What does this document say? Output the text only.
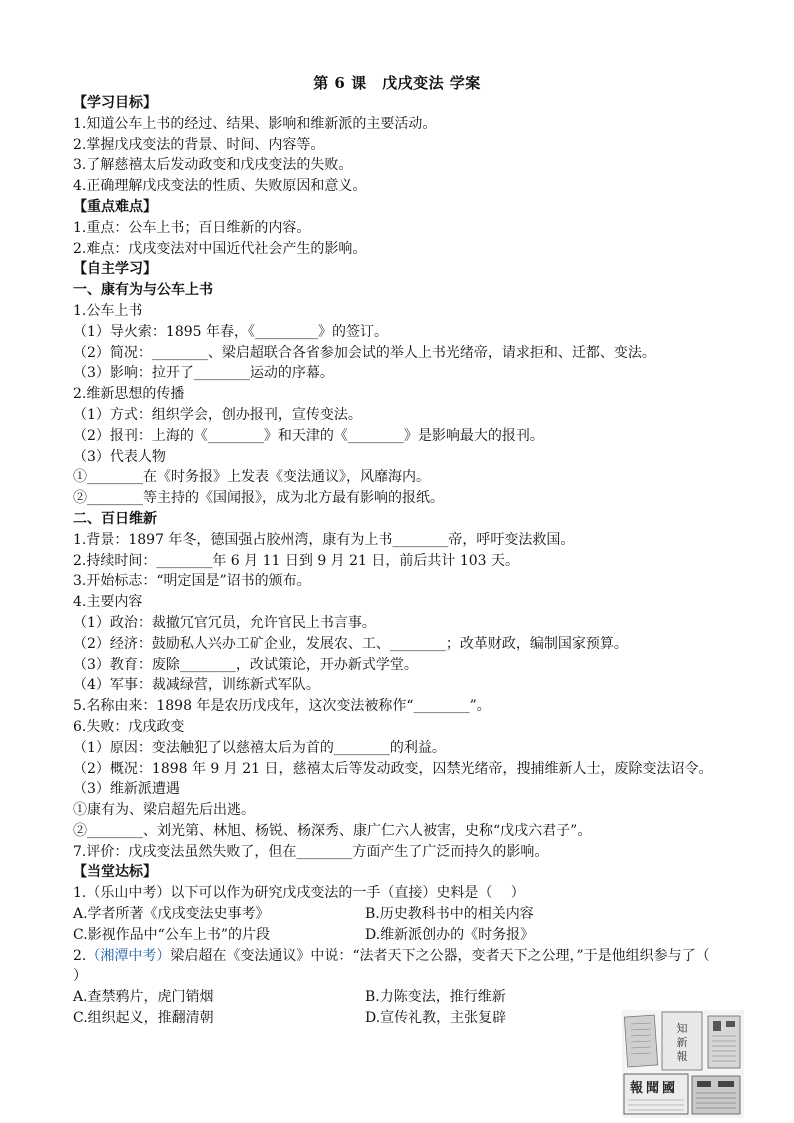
第 6 课　戊戌变法 学案
【学习目标】
1.知道公车上书的经过、结果、影响和维新派的主要活动。
2.掌握戊戌变法的背景、时间、内容等。
3.了解慈禧太后发动政变和戊戌变法的失败。
4.正确理解戊戌变法的性质、失败原因和意义。
【重点难点】
1.重点：公车上书；百日维新的内容。
2.难点：戊戌变法对中国近代社会产生的影响。
【自主学习】
一、康有为与公车上书
1.公车上书
（1）导火索：1895 年春，《_________》的签订。
（2）简况：________、梁启超联合各省参加会试的举人上书光绪帝，请求拒和、迁都、变法。
（3）影响：拉开了________运动的序幕。
2.维新思想的传播
（1）方式：组织学会，创办报刊，宣传变法。
（2）报刊：上海的《________》和天津的《________》是影响最大的报刊。
（3）代表人物
①________在《时务报》上发表《变法通议》，风靡海内。
②________等主持的《国闻报》，成为北方最有影响的报纸。
二、百日维新
1.背景：1897 年冬，德国强占胶州湾，康有为上书________帝，呼吁变法救国。
2.持续时间：________年 6 月 11 日到 9 月 21 日，前后共计 103 天。
3.开始标志：“明定国是”诏书的颁布。
4.主要内容
（1）政治：裁撤冗官冗员，允许官民上书言事。
（2）经济：鼓励私人兴办工矿企业，发展农、工、________；改革财政，编制国家预算。
（3）教育：废除________，改试策论，开办新式学堂。
（4）军事：裁减绿营，训练新式军队。
5.名称由来：1898 年是农历戊戌年，这次变法被称作“________”。
6.失败：戊戌政变
（1）原因：变法触犯了以慈禧太后为首的________的利益。
（2）概况：1898 年 9 月 21 日，慈禧太后等发动政变，囚禁光绪帝，搜捕维新人士，废除变法诏令。
（3）维新派遭遇
①康有为、梁启超先后出逃。
②________、刘光第、林旭、杨锐、杨深秀、康广仁六人被害，史称“戊戌六君子”。
7.评价：戊戌变法虽然失败了，但在________方面产生了广泛而持久的影响。
【当堂达标】
1.（乐山中考）以下可以作为研究戊戌变法的一手（直接）史料是（　 ）
A.学者所著《戊戌变法史事考》	B.历史教科书中的相关内容
C.影视作品中“公车上书”的片段	D.维新派创办的《时务报》
2.（湘潭中考）梁启超在《变法通议》中说：“法者天下之公器，变者天下之公理，”于是他组织参与了（　 ）
A.查禁鸦片，虎门销烟	B.力陈变法，推行维新
C.组织起义，推翻清朝	D.宣传礼教，主张复辟
知
新
報
報 聞 國
